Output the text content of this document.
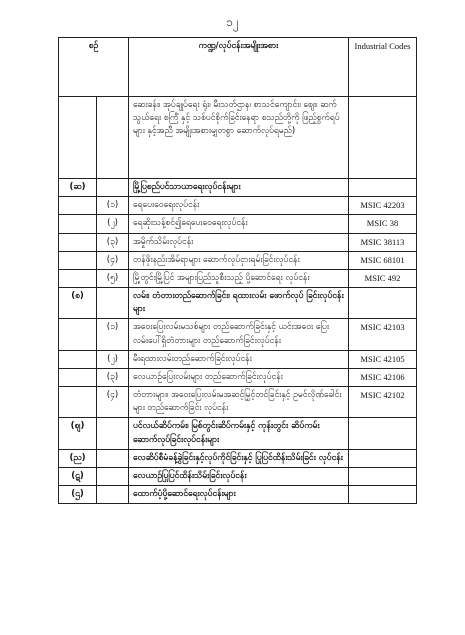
၁၂
စဉ်		ကဏ္ဍ/လုပ်ငန်းအမျိုးအစား	Industrial Codes
		ဆေးခန်း၊ အုပ်ချုပ်ရေး ရုံး၊ မီးသတ်ဌာန၊ စာသင်ကျောင်း၊ ဈေး၊ ဆက်သွယ်ရေး စင်္ကြံ နှင့် သစ်ပင်စိုက်ခြင်းနေရာ စသည်တို့ကို ဖြည့်စွက်ရပ် များ နှင့်အညီ အမျိုးအစားမျှတစွာ ဆောက်လုပ်ရမည်)	
(ဆ)		မြို့ပြစည်ပင်သာယာရေးလုပ်ငန်းများ	
	(၁)	ရေပေးဝေရေးလုပ်ငန်း	MSIC 42203
	(၂)	ရေဆိုးသန့်စင်၍ရေပေးဝေရေးလုပ်ငန်း	MSIC 38
	(၃)	အမှိုက်သိမ်းလုပ်ငန်း	MSIC 38113
	(၄)	တန်ဖိုးနည်းအိမ်ရာများ ဆောက်လုပ်ငှားရမ်းခြင်းလုပ်ငန်း	MSIC 68101
	(၅)	မြို့တွင်းမြို့ပြင် အများပြည်သူစီးသည့် ပို့ဆောင်ရေး လုပ်ငန်း	MSIC 492
(စ)		လမ်း၊ တံတားတည်ဆောက်ခြင်း၊ ရထားလမ်း ဖောက်လုပ် ခြင်းလုပ်ငန်းများ	
	(၁)	အဝေးပြေးလမ်းမသစ်များ တည်ဆောက်ခြင်းနှင့် ယင်းအဝေး ပြေးလမ်းပေါ်ရှိတံတားများ တည်ဆောက်ခြင်းလုပ်ငန်း	MSIC 42103
	(၂)	မီးရထားလမ်းတည်ဆောက်ခြင်းလုပ်ငန်း	MSIC 42105
	(၃)	လေယာဉ်ပြေးလမ်းများ တည်ဆောက်ခြင်းလုပ်ငန်း	MSIC 42106
	(၄)	တံတားများ၊ အဝေးပြေးလမ်းမအဆင့်မြှင့်တင်ခြင်းနှင့် ဥမင်လိုဏ်ခေါင်းများ တည်ဆောက်ခြင်း လုပ်ငန်း	MSIC 42102
(ဈ)		ပင်လယ်ဆိပ်ကမ်း၊ မြစ်တွင်းဆိပ်ကမ်းနှင့် ကုန်းတွင်း ဆိပ်ကမ်း ဆောက်လုပ်ခြင်းလုပ်ငန်းများ	
(ည)		လေဆိပ်စီမံခန့်ခွဲခြင်းနှင့်လုပ်ကိုင်ခြင်းနှင့် ပြုပြင်ထိန်းသိမ်းခြင်း လုပ်ငန်း	
(ဋ)		လေယာဉ်ပြုပြင်ထိန်းသိမ်းခြင်းလုပ်ငန်း	
(ဌ)		ထောက်ပံ့ပို့ဆောင်ရေးလုပ်ငန်းများ	
